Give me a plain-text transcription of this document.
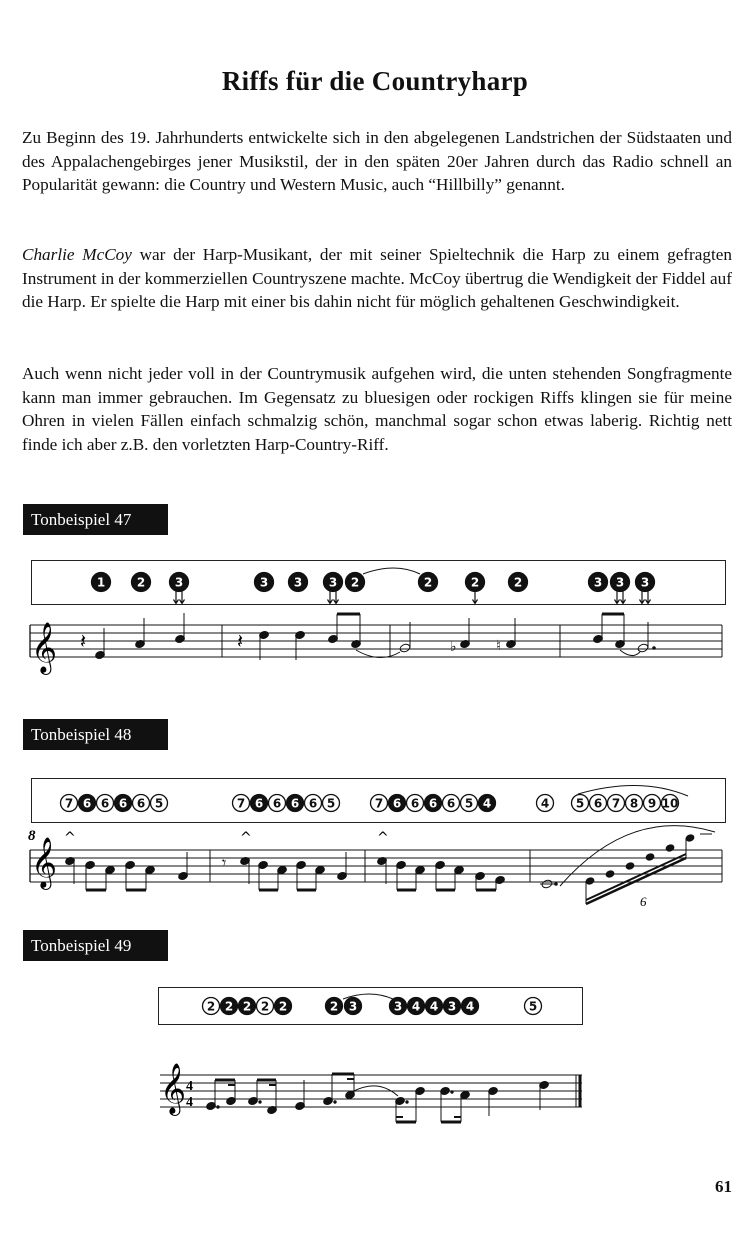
Riffs für die Countryharp

Zu Beginn des 19. Jahrhunderts entwickelte sich in den abgelegenen Landstrichen der Südstaaten und des Appalachengebirges jener Musikstil, der in den späten 20er Jahren durch das Radio schnell an Popularität gewann: die Country und Western Music, auch “Hillbilly” genannt.

Charlie McCoy war der Harp-Musikant, der mit seiner Spieltechnik die Harp zu einem gefragten Instrument in der kommerziellen Countryszene machte. McCoy übertrug die Wendigkeit der Fiddel auf die Harp. Er spielte die Harp mit einer bis dahin nicht für möglich gehaltenen Geschwindigkeit.

Auch wenn nicht jeder voll in der Countrymusik aufgehen wird, die unten stehenden Songfragmente kann man immer gebrauchen. Im Gegensatz zu bluesigen oder rockigen Riffs klingen sie für meine Ohren in vielen Fällen einfach schmalzig schön, manchmal sogar schon etwas laberig. Richtig nett finde ich aber z.B. den vorletzten Harp-Country-Riff.

Tonbeispiel 47
1	2 3	3 3 3 2	2	2	2	3 3 3
𝄞 𝄽	𝄽	♭	♮
Tonbeispiel 48
7 6 6 6 6 5	7 6 6 6 6 5	7 6 6 6 6 5 4	4 5 6 7 8 9 10
8
𝄞 ^	^	^
𝄾
6
Tonbeispiel 49
2 2 2 2 2	2 3	3 4 4 3 4	5
𝄞 4
4
61
